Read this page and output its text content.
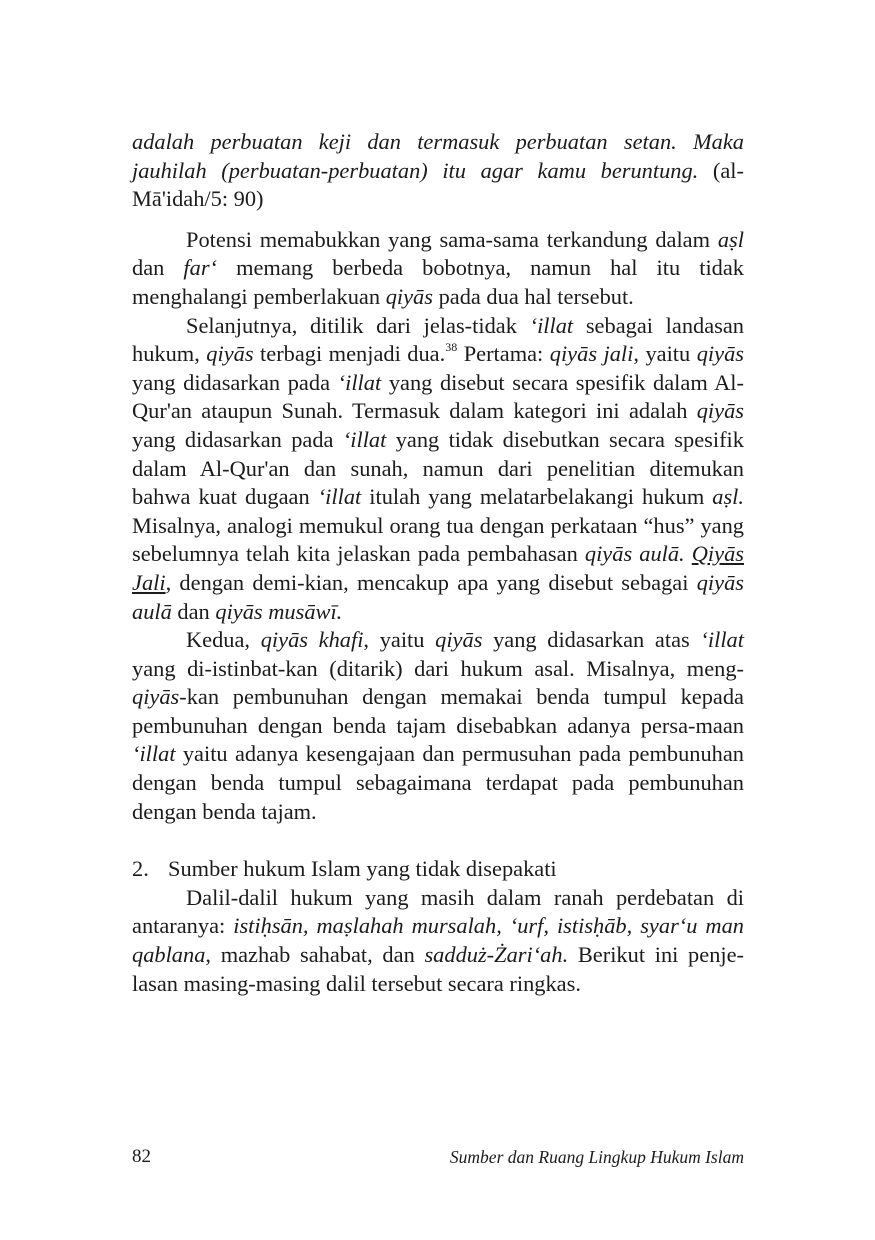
adalah perbuatan keji dan termasuk perbuatan setan. Maka jauhilah (perbuatan-perbuatan) itu agar kamu beruntung. (al-Mā'idah/5: 90)

Potensi memabukkan yang sama-sama terkandung dalam aṣl dan far‘ memang berbeda bobotnya, namun hal itu tidak menghalangi pemberlakuan qiyās pada dua hal tersebut.

Selanjutnya, ditilik dari jelas-tidak ‘illat sebagai landasan hukum, qiyās terbagi menjadi dua.$^{38}$ Pertama: qiyās jali, yaitu qiyās yang didasarkan pada ‘illat yang disebut secara spesifik dalam Al-Qur'an ataupun Sunah. Termasuk dalam kategori ini adalah qiyās yang didasarkan pada ‘illat yang tidak disebutkan secara spesifik dalam Al-Qur'an dan sunah, namun dari penelitian ditemukan bahwa kuat dugaan ‘illat itulah yang melatarbelakangi hukum aṣl. Misalnya, analogi memukul orang tua dengan perkataan “hus” yang sebelumnya telah kita jelaskan pada pembahasan qiyās aulā. Qiyās Jali, dengan demi-kian, mencakup apa yang disebut sebagai qiyās aulā dan qiyās musāwī.

Kedua, qiyās khafi, yaitu qiyās yang didasarkan atas ‘illat yang di-istinbat-kan (ditarik) dari hukum asal. Misalnya, meng-qiyās-kan pembunuhan dengan memakai benda tumpul kepada pembunuhan dengan benda tajam disebabkan adanya persa-maan ‘illat yaitu adanya kesengajaan dan permusuhan pada pembunuhan dengan benda tumpul sebagaimana terdapat pada pembunuhan dengan benda tajam.

2. Sumber hukum Islam yang tidak disepakati

Dalil-dalil hukum yang masih dalam ranah perdebatan di antaranya: istiḥsān, maṣlahah mursalah, ‘urf, istisḥāb, syar‘u man qablana, mazhab sahabat, dan sadduż-Żari‘ah. Berikut ini penje-lasan masing-masing dalil tersebut secara ringkas.

82	Sumber dan Ruang Lingkup Hukum Islam
